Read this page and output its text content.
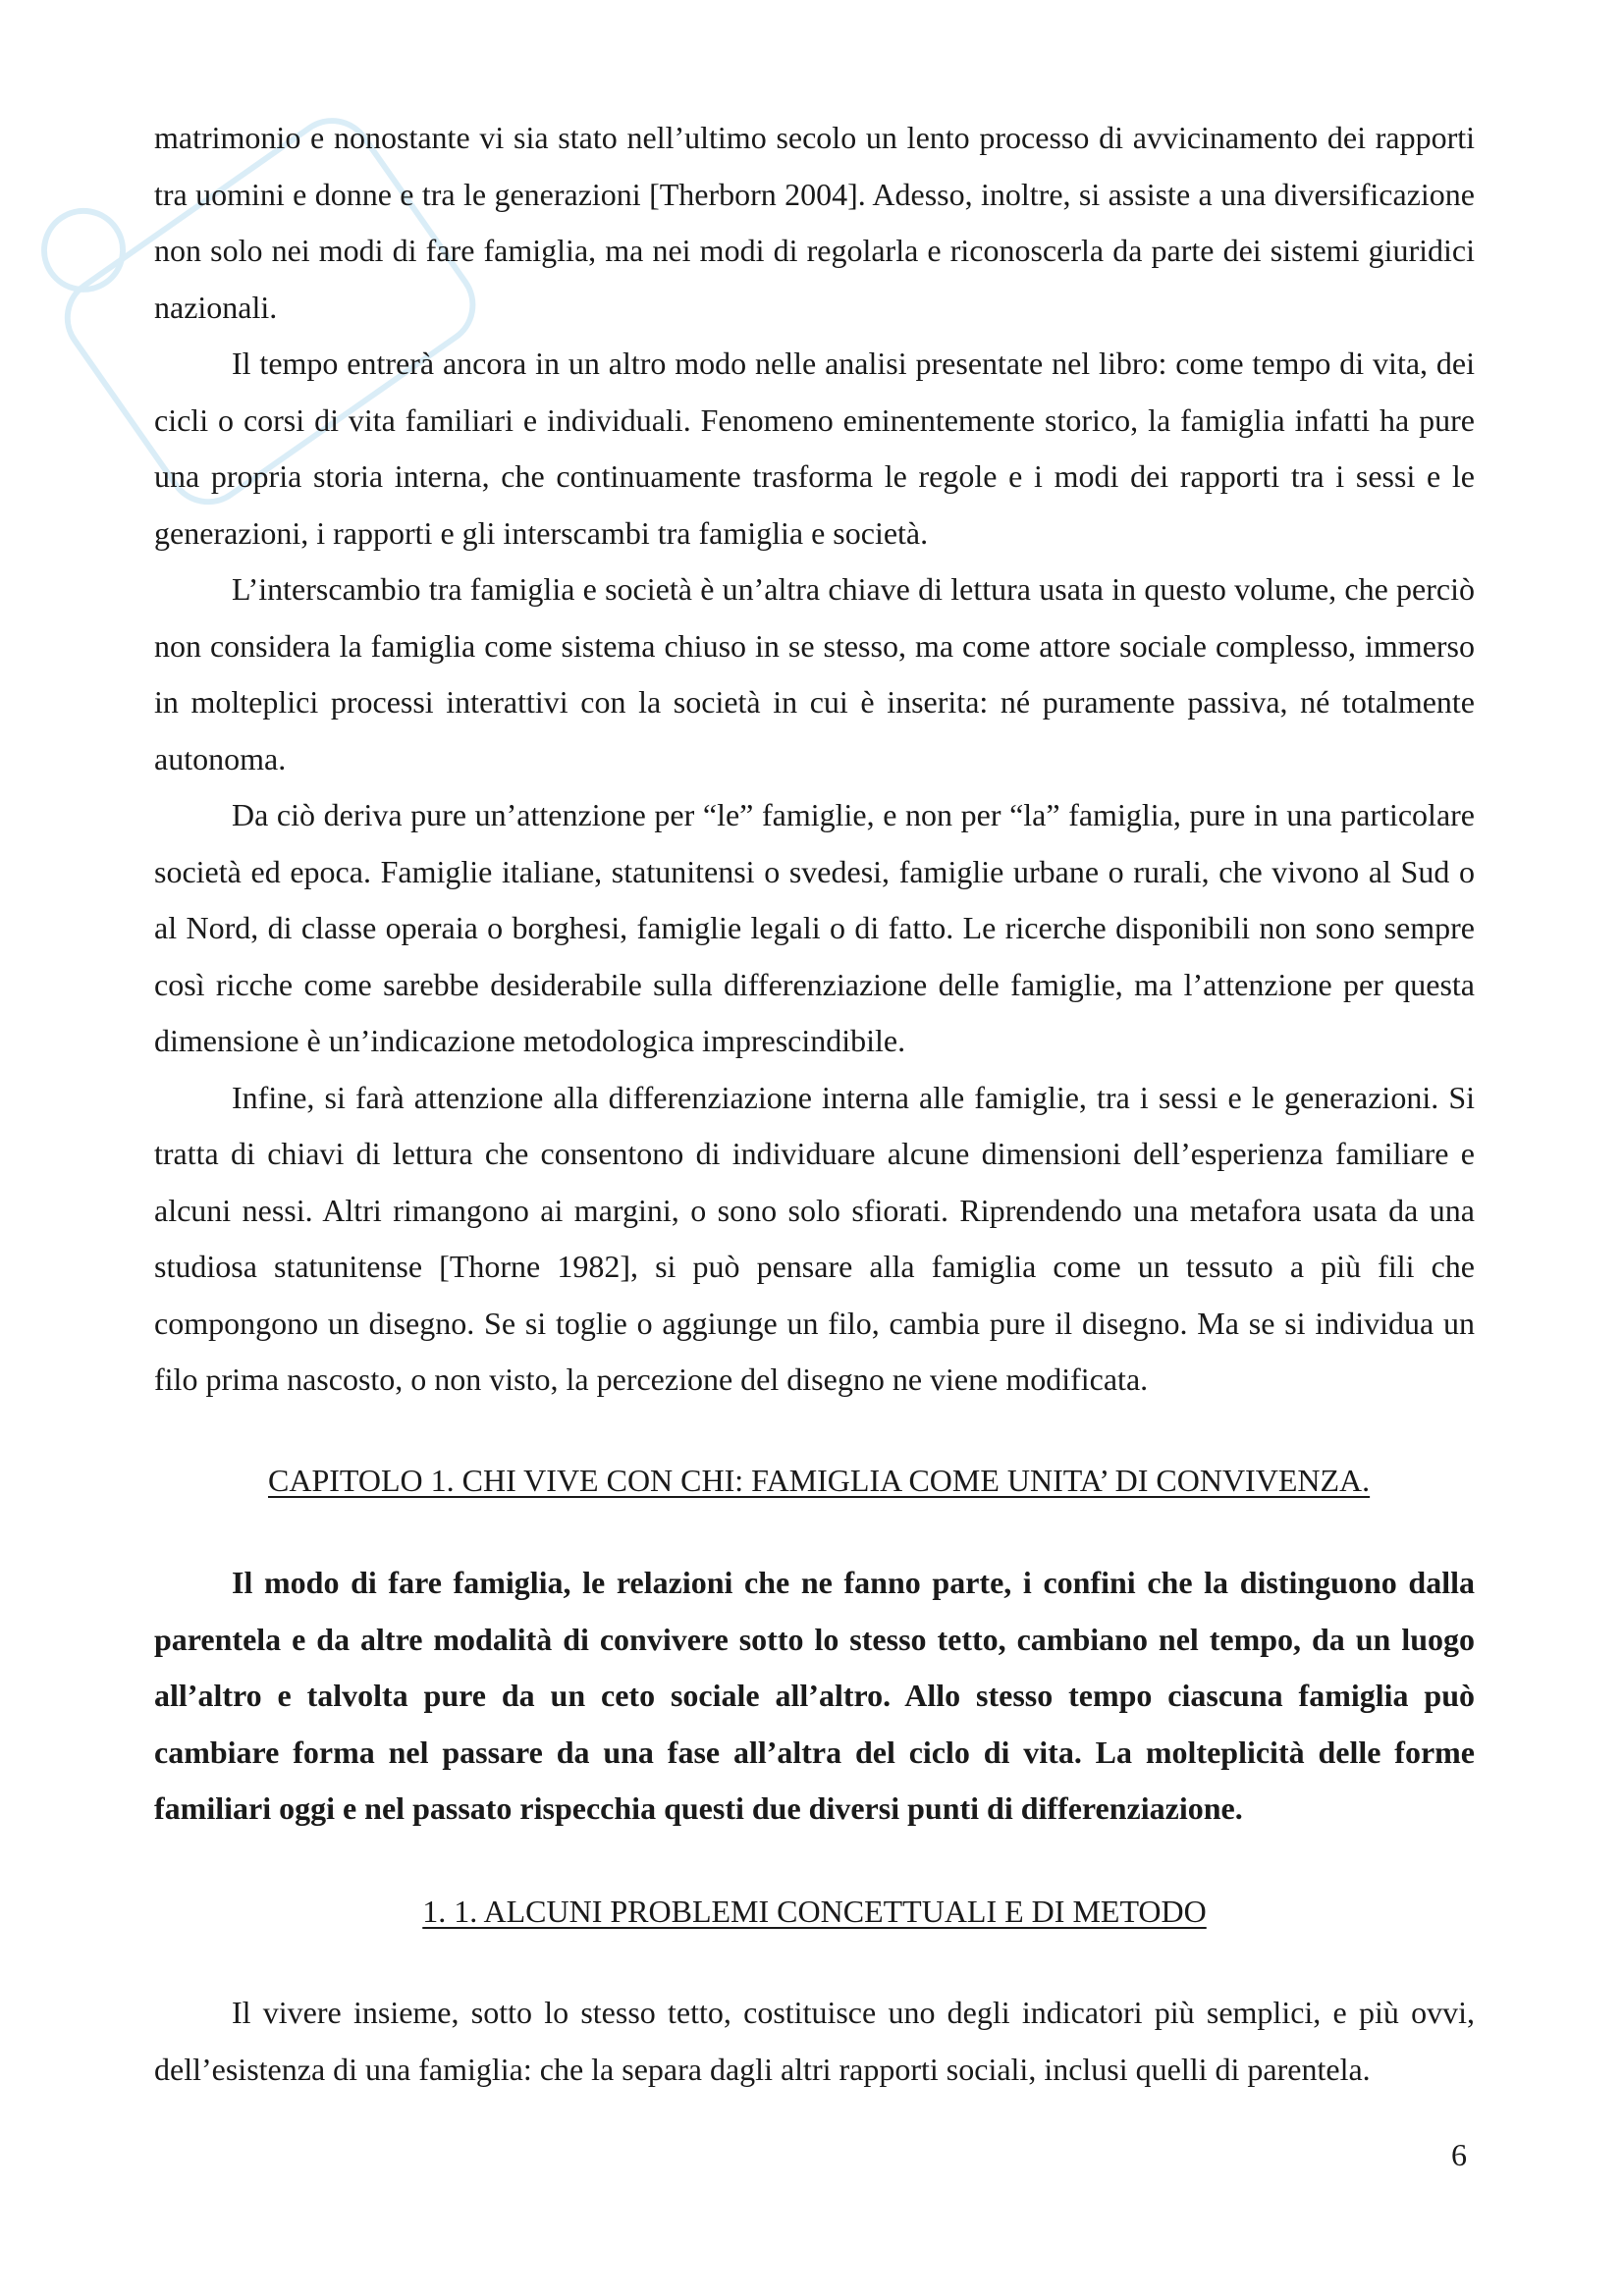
matrimonio e nonostante vi sia stato nell’ultimo secolo un lento processo di avvicinamento dei rapporti tra uomini e donne e tra le generazioni [Therborn 2004]. Adesso, inoltre, si assiste a una diversificazione non solo nei modi di fare famiglia, ma nei modi di regolarla e riconoscerla da parte dei sistemi giuridici nazionali.

Il tempo entrerà ancora in un altro modo nelle analisi presentate nel libro: come tempo di vita, dei cicli o corsi di vita familiari e individuali. Fenomeno eminentemente storico, la famiglia infatti ha pure una propria storia interna, che continuamente trasforma le regole e i modi dei rapporti tra i sessi e le generazioni, i rapporti e gli interscambi tra famiglia e società.

L’interscambio tra famiglia e società è un’altra chiave di lettura usata in questo volume, che perciò non considera la famiglia come sistema chiuso in se stesso, ma come attore sociale complesso, immerso in molteplici processi interattivi con la società in cui è inserita: né puramente passiva, né totalmente autonoma.

Da ciò deriva pure un’attenzione per “le” famiglie, e non per “la” famiglia, pure in una particolare società ed epoca. Famiglie italiane, statunitensi o svedesi, famiglie urbane o rurali, che vivono al Sud o al Nord, di classe operaia o borghesi, famiglie legali o di fatto. Le ricerche disponibili non sono sempre così ricche come sarebbe desiderabile sulla differenziazione delle famiglie, ma l’attenzione per questa dimensione è un’indicazione metodologica imprescindibile.

Infine, si farà attenzione alla differenziazione interna alle famiglie, tra i sessi e le generazioni. Si tratta di chiavi di lettura che consentono di individuare alcune dimensioni dell’esperienza familiare e alcuni nessi. Altri rimangono ai margini, o sono solo sfiorati. Riprendendo una metafora usata da una studiosa statunitense [Thorne 1982], si può pensare alla famiglia come un tessuto a più fili che compongono un disegno. Se si toglie o aggiunge un filo, cambia pure il disegno. Ma se si individua un filo prima nascosto, o non visto, la percezione del disegno ne viene modificata.

CAPITOLO 1. CHI VIVE CON CHI: FAMIGLIA COME UNITA’ DI CONVIVENZA.

Il modo di fare famiglia, le relazioni che ne fanno parte, i confini che la distinguono dalla parentela e da altre modalità di convivere sotto lo stesso tetto, cambiano nel tempo, da un luogo all’altro e talvolta pure da un ceto sociale all’altro. Allo stesso tempo ciascuna famiglia può cambiare forma nel passare da una fase all’altra del ciclo di vita. La molteplicità delle forme familiari oggi e nel passato rispecchia questi due diversi punti di differenziazione.

1. 1. ALCUNI PROBLEMI CONCETTUALI E DI METODO

Il vivere insieme, sotto lo stesso tetto, costituisce uno degli indicatori più semplici, e più ovvi, dell’esistenza di una famiglia: che la separa dagli altri rapporti sociali, inclusi quelli di parentela.

6
